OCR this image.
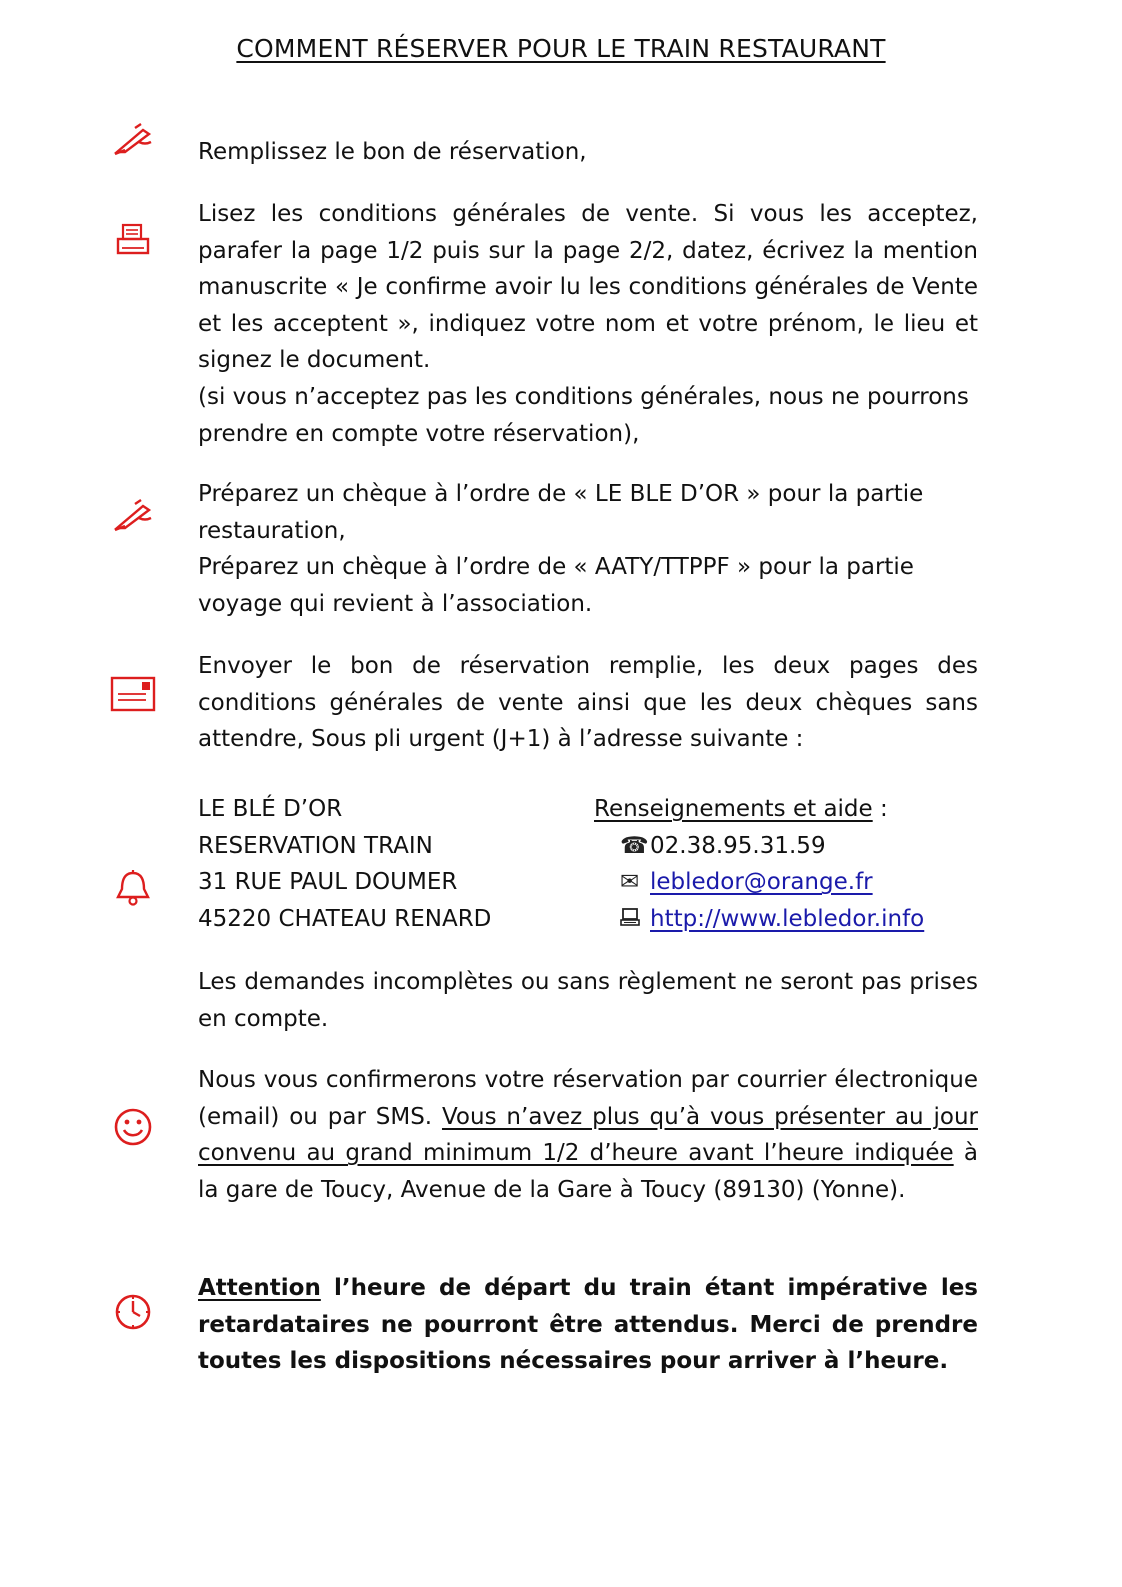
COMMENT RÉSERVER POUR LE TRAIN RESTAURANT

Remplissez le bon de réservation,

Lisez les conditions générales de vente. Si vous les acceptez, parafer la page 1/2 puis sur la page 2/2, datez, écrivez la mention manuscrite « Je confirme avoir lu les conditions générales de Vente et les acceptent », indiquez votre nom et votre prénom, le lieu et signez le document.

(si vous n’acceptez pas les conditions générales, nous ne pourrons prendre en compte votre réservation),

Préparez un chèque à l’ordre de « LE BLE D’OR » pour la partie restauration,

Préparez un chèque à l’ordre de « AATY/TTPPF » pour la partie voyage qui revient à l’association.

Envoyer le bon de réservation remplie, les deux pages des conditions générales de vente ainsi que les deux chèques sans attendre, Sous pli urgent (J+1) à l’adresse suivante :

LE BLÉ D’OR
RESERVATION TRAIN
31 RUE PAUL DOUMER
45220 CHATEAU RENARD
Renseignements et aide :
☎02.38.95.31.59
✉ lebledor@orange.fr
http://www.lebledor.info

Les demandes incomplètes ou sans règlement ne seront pas prises en compte.

Nous vous confirmerons votre réservation par courrier électronique (email) ou par SMS. Vous n’avez plus qu’à vous présenter au jour convenu au grand minimum 1/2 d’heure avant l’heure indiquée à la gare de Toucy, Avenue de la Gare à Toucy (89130) (Yonne).

Attention l’heure de départ du train étant impérative les retardataires ne pourront être attendus. Merci de prendre toutes les dispositions nécessaires pour arriver à l’heure.
